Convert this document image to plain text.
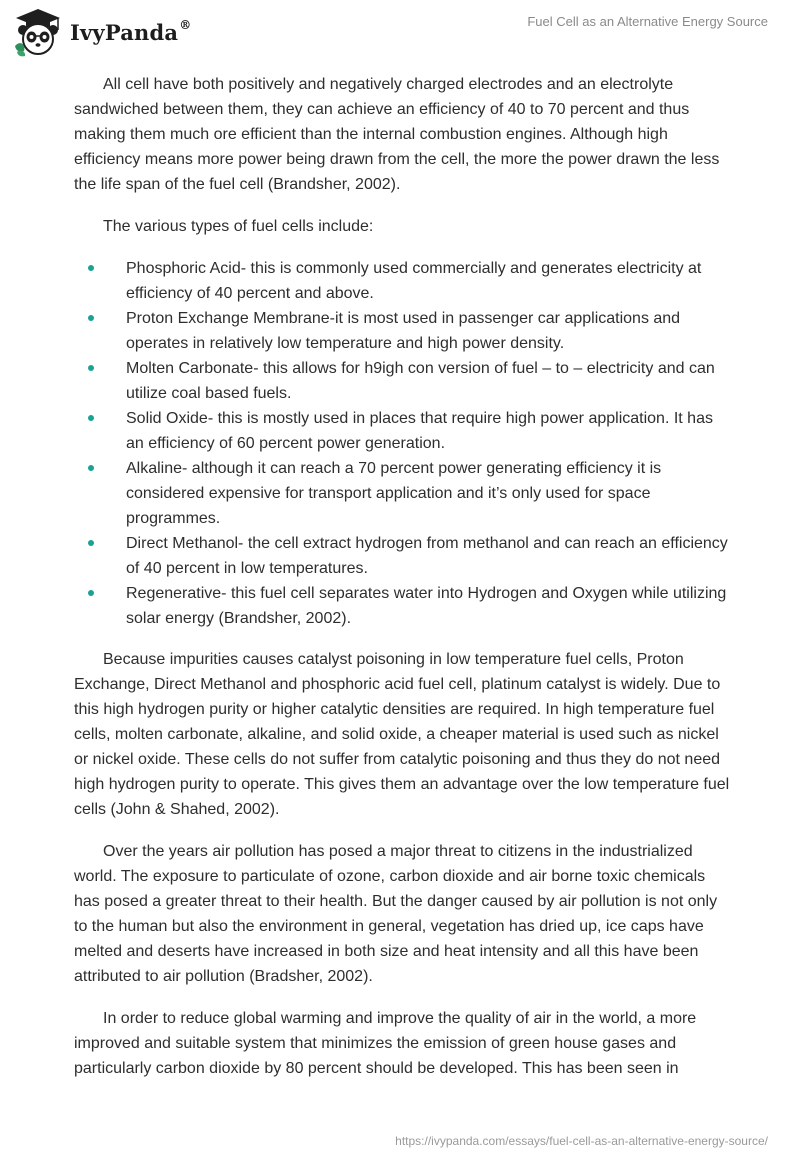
IvyPanda®	Fuel Cell as an Alternative Energy Source

All cell have both positively and negatively charged electrodes and an electrolyte sandwiched between them, they can achieve an efficiency of 40 to 70 percent and thus making them much ore efficient than the internal combustion engines. Although high efficiency means more power being drawn from the cell, the more the power drawn the less the life span of the fuel cell (Brandsher, 2002).

The various types of fuel cells include:

Phosphoric Acid- this is commonly used commercially and generates electricity at efficiency of 40 percent and above.
Proton Exchange Membrane-it is most used in passenger car applications and operates in relatively low temperature and high power density.
Molten Carbonate- this allows for h9igh con version of fuel – to – electricity and can utilize coal based fuels.
Solid Oxide- this is mostly used in places that require high power application. It has an efficiency of 60 percent power generation.
Alkaline- although it can reach a 70 percent power generating efficiency it is considered expensive for transport application and it’s only used for space programmes.
Direct Methanol- the cell extract hydrogen from methanol and can reach an efficiency of 40 percent in low temperatures.
Regenerative- this fuel cell separates water into Hydrogen and Oxygen while utilizing solar energy (Brandsher, 2002).

Because impurities causes catalyst poisoning in low temperature fuel cells, Proton Exchange, Direct Methanol and phosphoric acid fuel cell, platinum catalyst is widely. Due to this high hydrogen purity or higher catalytic densities are required. In high temperature fuel cells, molten carbonate, alkaline, and solid oxide, a cheaper material is used such as nickel or nickel oxide. These cells do not suffer from catalytic poisoning and thus they do not need high hydrogen purity to operate. This gives them an advantage over the low temperature fuel cells (John & Shahed, 2002).

Over the years air pollution has posed a major threat to citizens in the industrialized world. The exposure to particulate of ozone, carbon dioxide and air borne toxic chemicals has posed a greater threat to their health. But the danger caused by air pollution is not only to the human but also the environment in general, vegetation has dried up, ice caps have melted and deserts have increased in both size and heat intensity and all this have been attributed to air pollution (Bradsher, 2002).

In order to reduce global warming and improve the quality of air in the world, a more improved and suitable system that minimizes the emission of green house gases and particularly carbon dioxide by 80 percent should be developed. This has been seen in

https://ivypanda.com/essays/fuel-cell-as-an-alternative-energy-source/
